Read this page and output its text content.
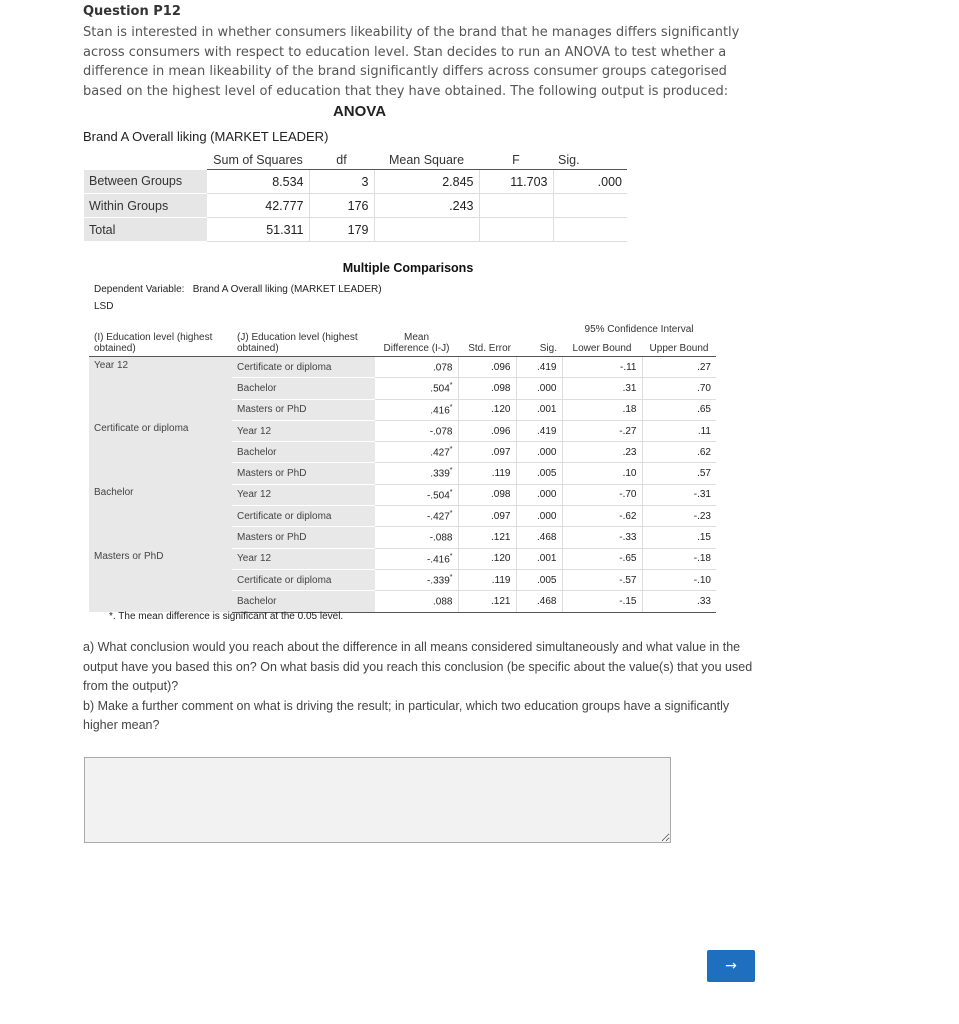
Question P12
Stan is interested in whether consumers likeability of the brand that he manages differs significantly across consumers with respect to education level. Stan decides to run an ANOVA to test whether a difference in mean likeability of the brand significantly differs across consumer groups categorised based on the highest level of education that they have obtained. The following output is produced:
ANOVA
Brand A Overall liking (MARKET LEADER)
	Sum of Squares	df	Mean Square	F	Sig.
Between Groups	8.534	3	2.845	11.703	.000
Within Groups	42.777	176	.243		
Total	51.311	179			
Multiple Comparisons
Dependent Variable: Brand A Overall liking (MARKET LEADER)
LSD
(I) Education level (highest obtained)	(J) Education level (highest obtained)	Mean Difference (I-J)	Std. Error	Sig.	95% Confidence Interval	
					Lower Bound	Upper Bound
Year 12	Certificate or diploma	.078	.096	.419	-.11	.27
	Bachelor	.504*	.098	.000	.31	.70
	Masters or PhD	.416*	.120	.001	.18	.65
Certificate or diploma	Year 12	-.078	.096	.419	-.27	.11
	Bachelor	.427*	.097	.000	.23	.62
	Masters or PhD	.339*	.119	.005	.10	.57
Bachelor	Year 12	-.504*	.098	.000	-.70	-.31
	Certificate or diploma	-.427*	.097	.000	-.62	-.23
	Masters or PhD	-.088	.121	.468	-.33	.15
Masters or PhD	Year 12	-.416*	.120	.001	-.65	-.18
	Certificate or diploma	-.339*	.119	.005	-.57	-.10
	Bachelor	.088	.121	.468	-.15	.33
*. The mean difference is significant at the 0.05 level.
a) What conclusion would you reach about the difference in all means considered simultaneously and what value in the output have you based this on? On what basis did you reach this conclusion (be specific about the value(s) that you used from the output)?
b) Make a further comment on what is driving the result; in particular, which two education groups have a significantly higher mean?
→
